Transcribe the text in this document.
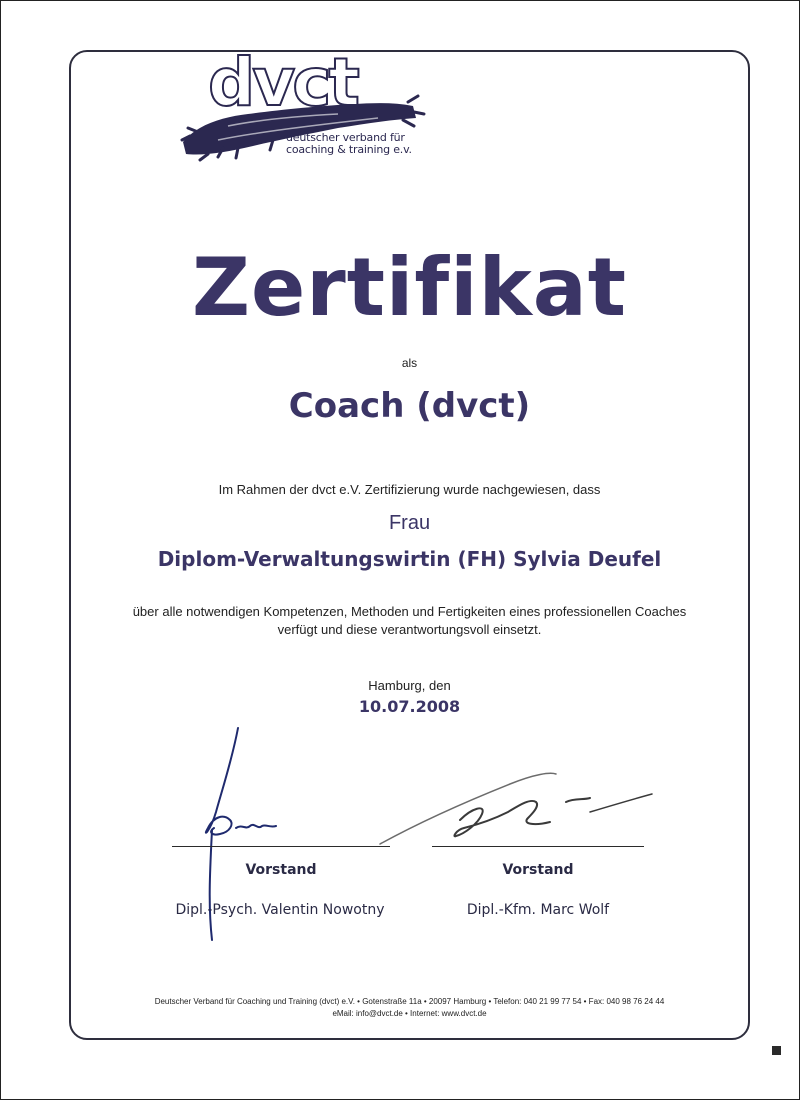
dvct
deutscher verband für
coaching & training e.v.
Zertifikat
als
Coach (dvct)
Im Rahmen der dvct e.V. Zertifizierung wurde nachgewiesen, dass
Frau
Diplom-Verwaltungswirtin (FH) Sylvia Deufel
über alle notwendigen Kompetenzen, Methoden und Fertigkeiten eines professionellen Coaches
verfügt und diese verantwortungsvoll einsetzt.
Hamburg, den
10.07.2008
Vorstand	Vorstand
Dipl.-Psych. Valentin Nowotny	Dipl.-Kfm. Marc Wolf
Deutscher Verband für Coaching und Training (dvct) e.V. • Gotenstraße 11a • 20097 Hamburg • Telefon: 040 21 99 77 54 • Fax: 040 98 76 24 44
eMail: info@dvct.de • Internet: www.dvct.de
